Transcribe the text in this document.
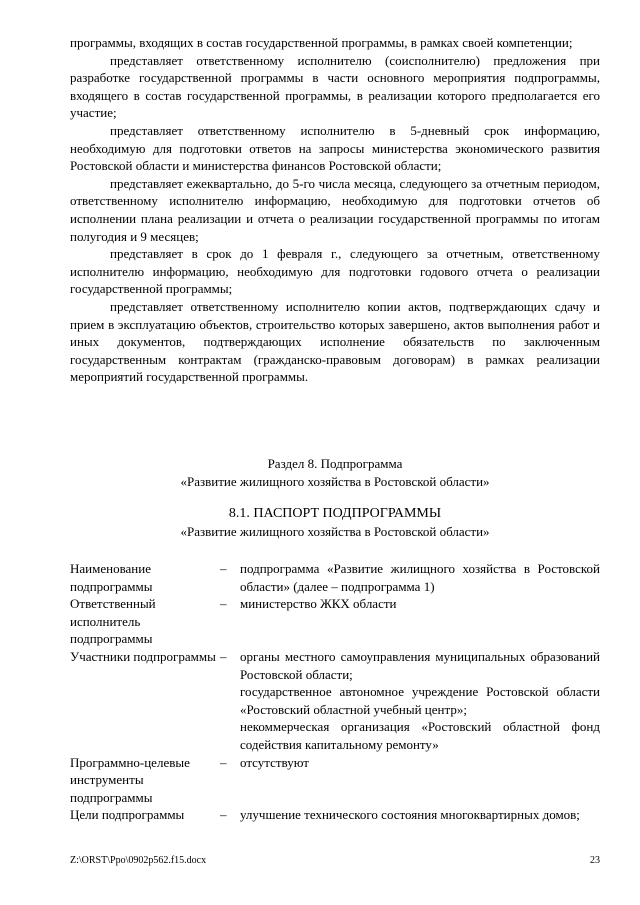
программы, входящих в состав государственной программы, в рамках своей компетенции;

представляет ответственному исполнителю (соисполнителю) предложения при разработке государственной программы в части основного мероприятия подпрограммы, входящего в состав государственной программы, в реализации которого предполагается его участие;

представляет ответственному исполнителю в 5-дневный срок информацию, необходимую для подготовки ответов на запросы министерства экономического развития Ростовской области и министерства финансов Ростовской области;

представляет ежеквартально, до 5-го числа месяца, следующего за отчетным периодом, ответственному исполнителю информацию, необходимую для подготовки отчетов об исполнении плана реализации и отчета о реализации государственной программы по итогам полугодия и 9 месяцев;

представляет в срок до 1 февраля г., следующего за отчетным, ответственному исполнителю информацию, необходимую для подготовки годового отчета о реализации государственной программы;

представляет ответственному исполнителю копии актов, подтверждающих сдачу и прием в эксплуатацию объектов, строительство которых завершено, актов выполнения работ и иных документов, подтверждающих исполнение обязательств по заключенным государственным контрактам (гражданско-правовым договорам) в рамках реализации мероприятий государственной программы.

Раздел 8. Подпрограмма
«Развитие жилищного хозяйства в Ростовской области»
8.1. ПАСПОРТ ПОДПРОГРАММЫ
«Развитие жилищного хозяйства в Ростовской области»
Наименование подпрограммы
–	подпрограмма «Развитие жилищного хозяйства в Ростовской области» (далее – подпрограмма 1)

Ответственный исполнитель подпрограммы
–	министерство ЖКХ области

Участники подпрограммы –	органы местного самоуправления муниципальных образований Ростовской области;

государственное автономное учреждение Ростовской области «Ростовский областной учебный центр»;

некоммерческая организация «Ростовский областной фонд содействия капитальному ремонту»

Программно-целевые инструменты подпрограммы
–	отсутствуют

Цели подпрограммы	–	улучшение технического состояния многоквартирных домов;

Z:\ORST\Ppo\0902p562.f15.docx	23
